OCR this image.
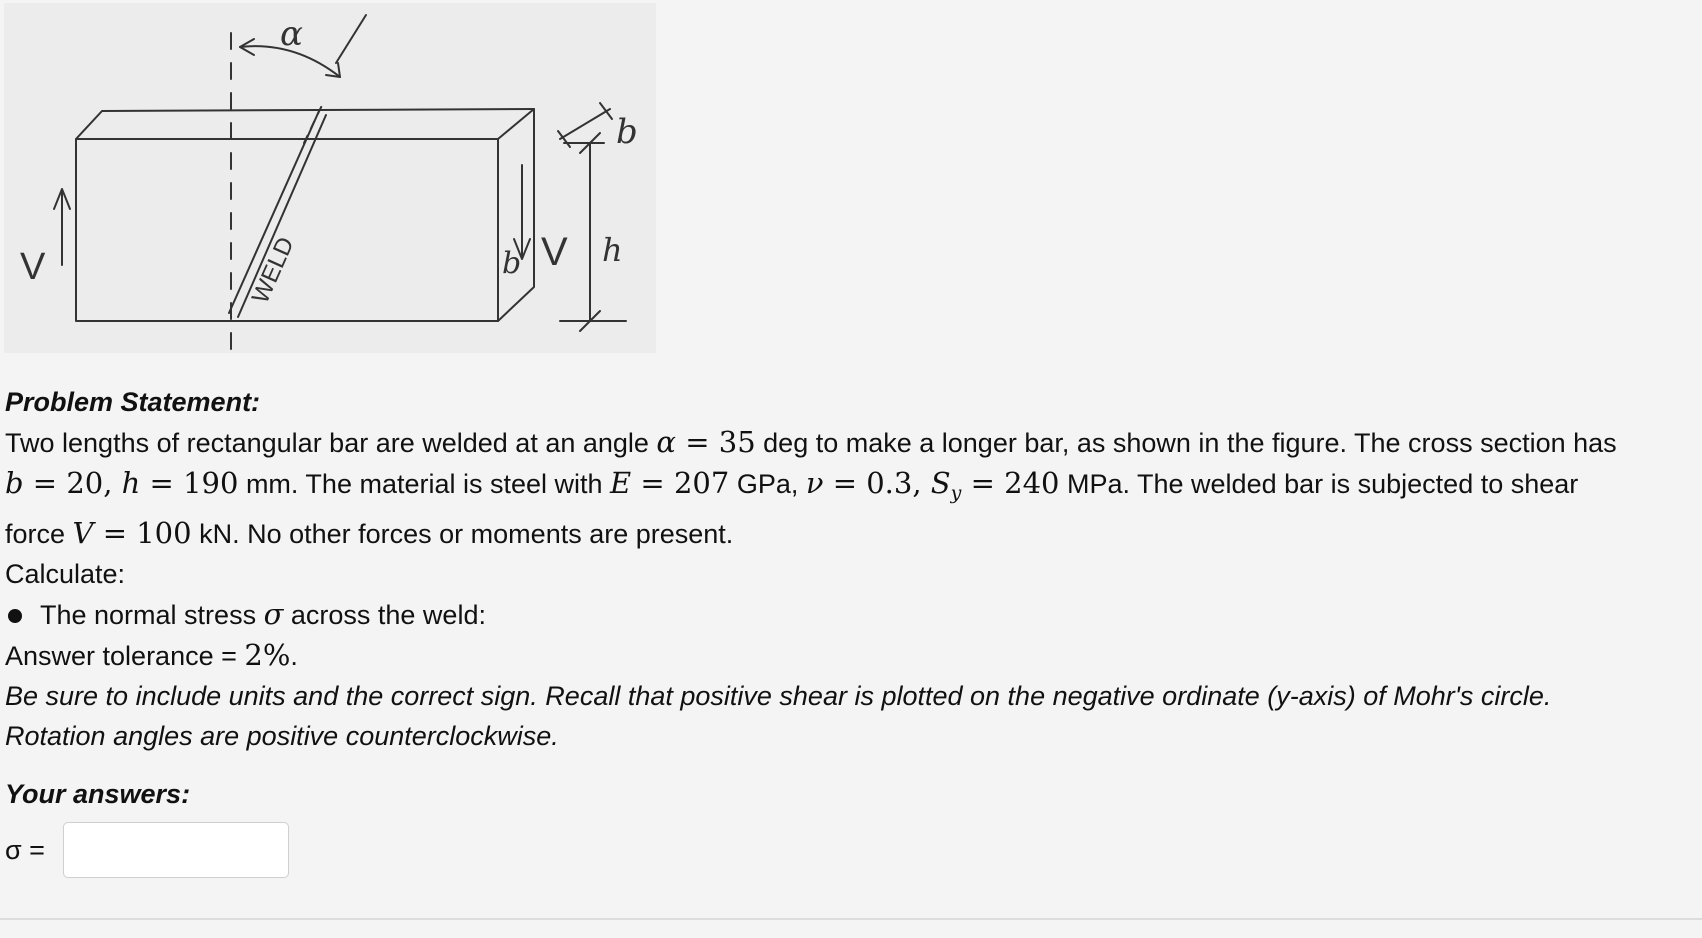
α
WELD
V	V
b
b	h

Problem Statement:

Two lengths of rectangular bar are welded at an angle α = 35 deg to make a longer bar, as shown in the figure. The cross section has

b = 20, h = 190 mm. The material is steel with E = 207 GPa, ν = 0.3, $S_y = 240$ MPa. The welded bar is subjected to shear

force V = 100 kN. No other forces or moments are present.

Calculate:

The normal stress σ across the weld:

Answer tolerance = 2%.

Be sure to include units and the correct sign. Recall that positive shear is plotted on the negative ordinate (y-axis) of Mohr's circle.

Rotation angles are positive counterclockwise.

Your answers:

σ =
